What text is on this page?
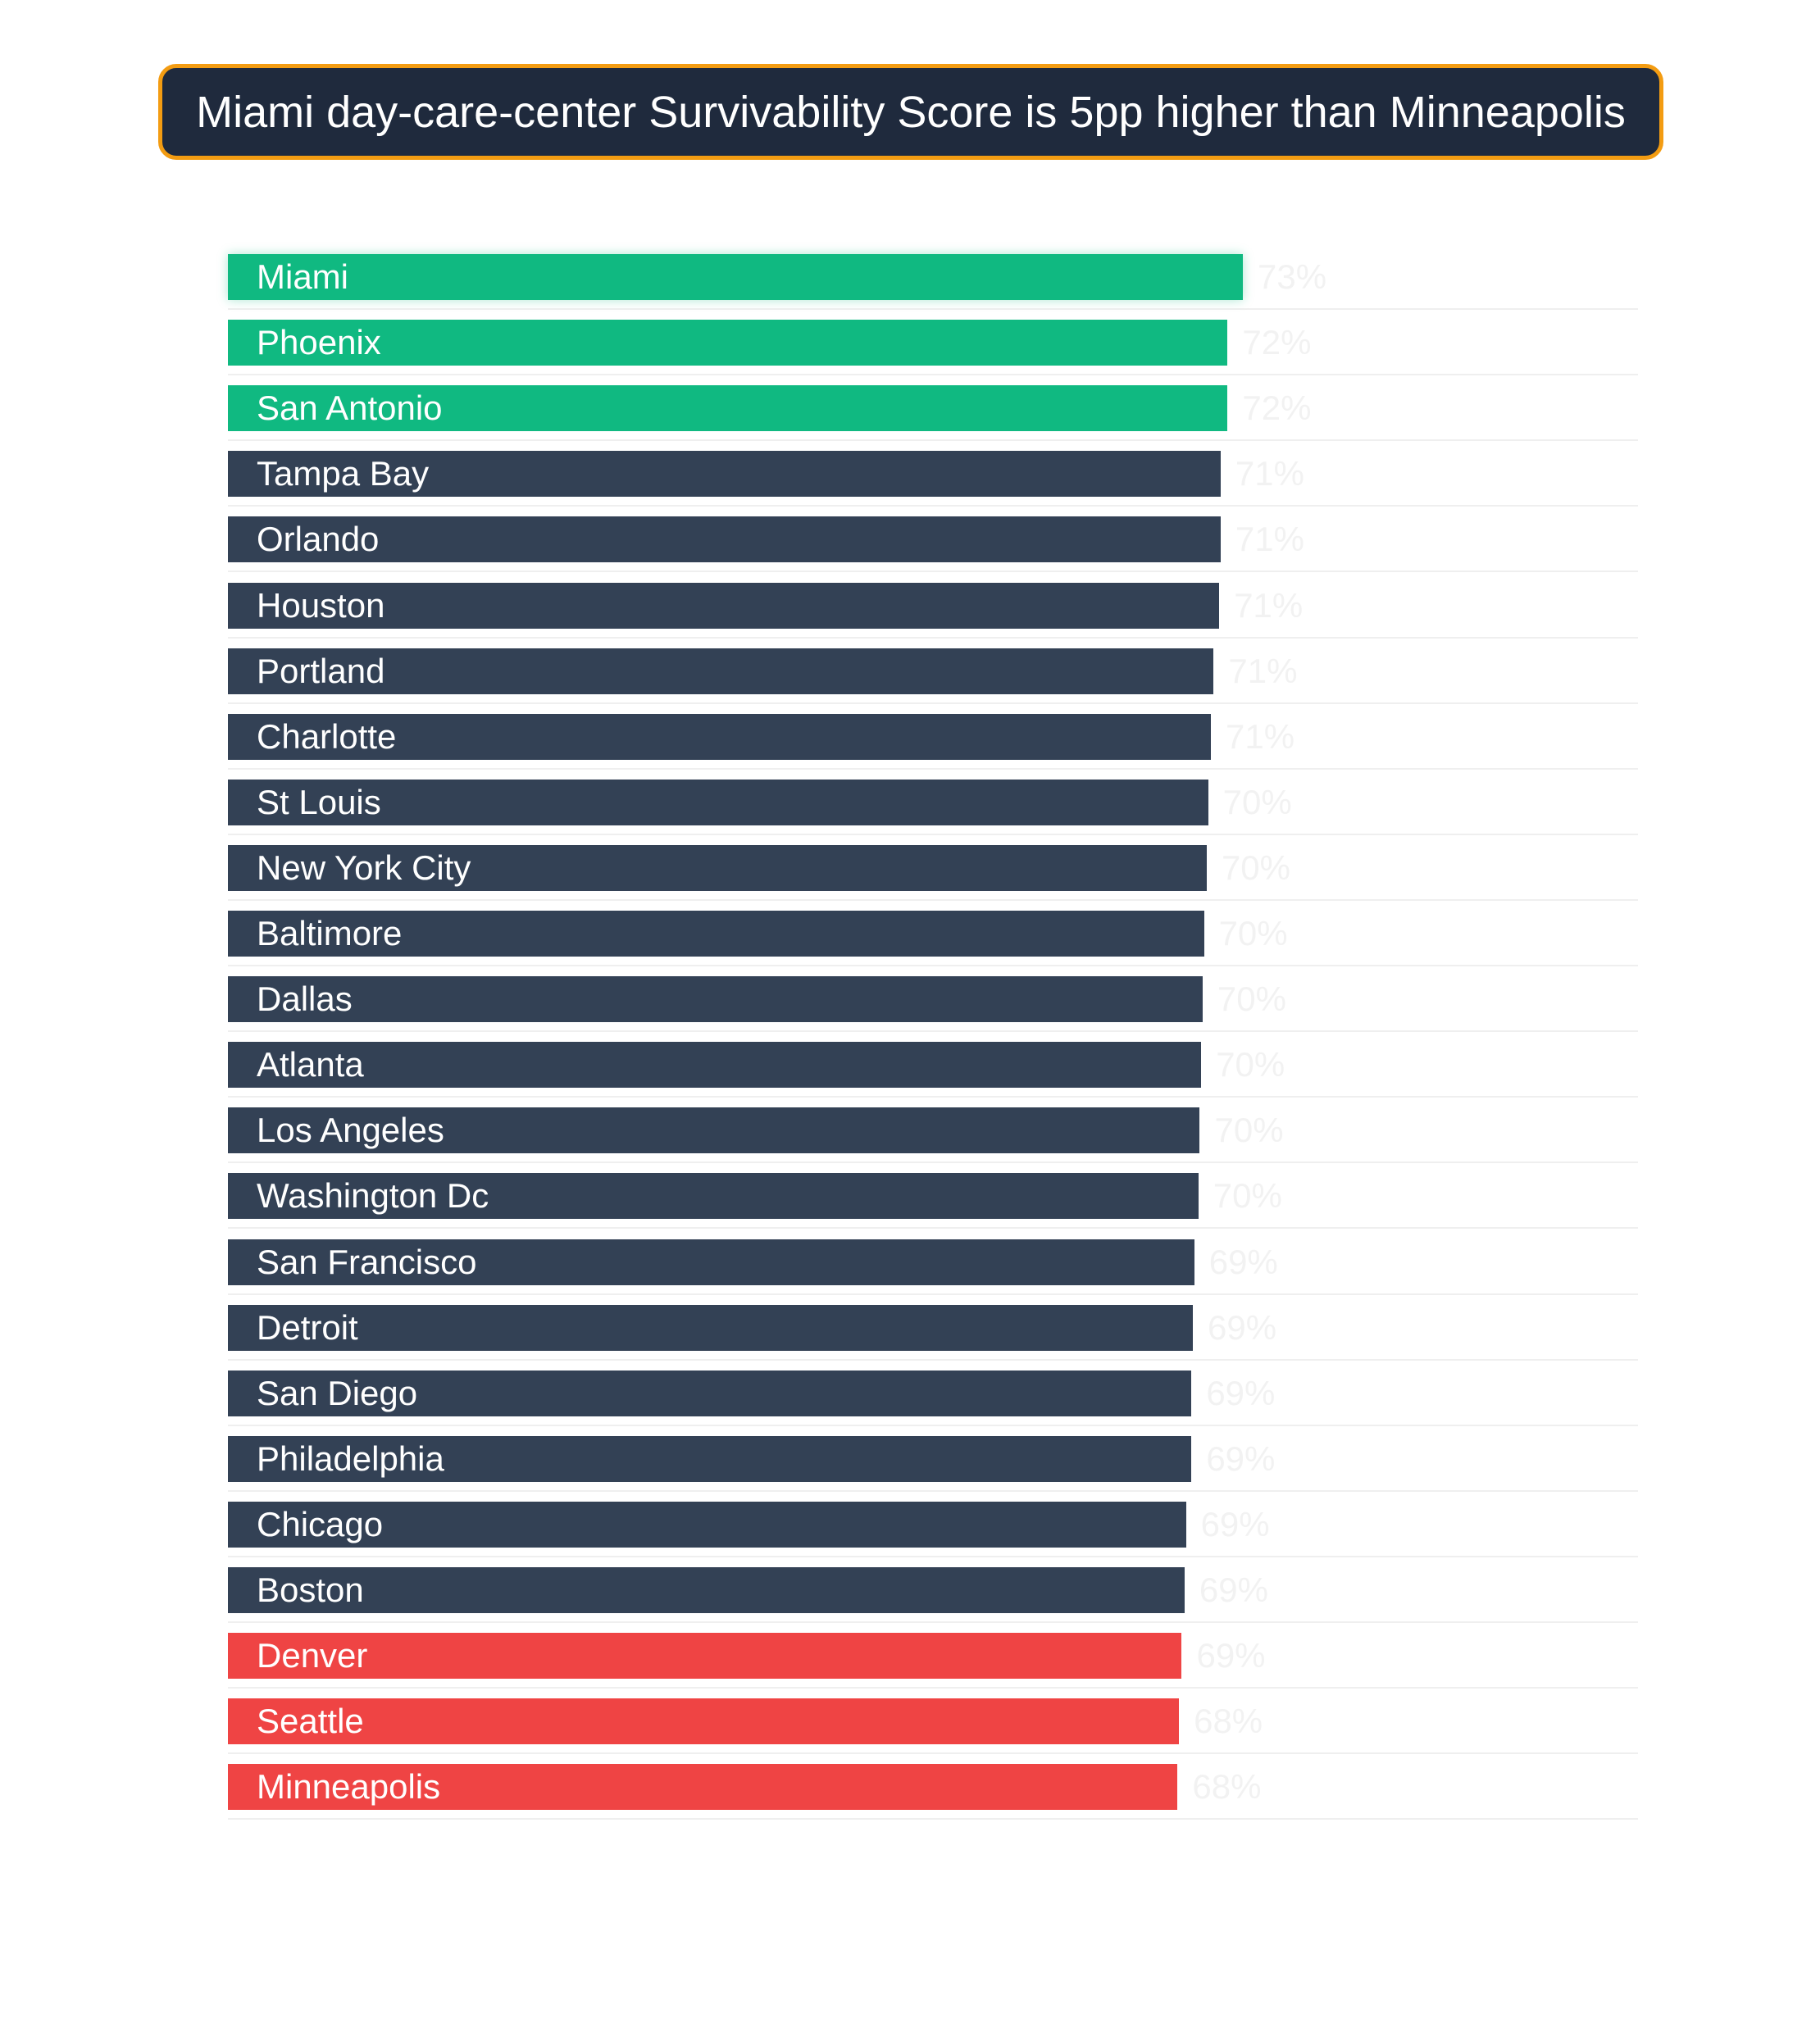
Miami day-care-center Survivability Score is 5pp higher than Minneapolis
Miami	73%
Phoenix	72%
San Antonio	72%
Tampa Bay	71%
Orlando	71%
Houston	71%
Portland	71%
Charlotte	71%
St Louis	70%
New York City	70%
Baltimore	70%
Dallas	70%
Atlanta	70%
Los Angeles	70%
Washington Dc	70%
San Francisco	69%
Detroit	69%
San Diego	69%
Philadelphia	69%
Chicago	69%
Boston	69%
Denver	69%
Seattle	68%
Minneapolis	68%
